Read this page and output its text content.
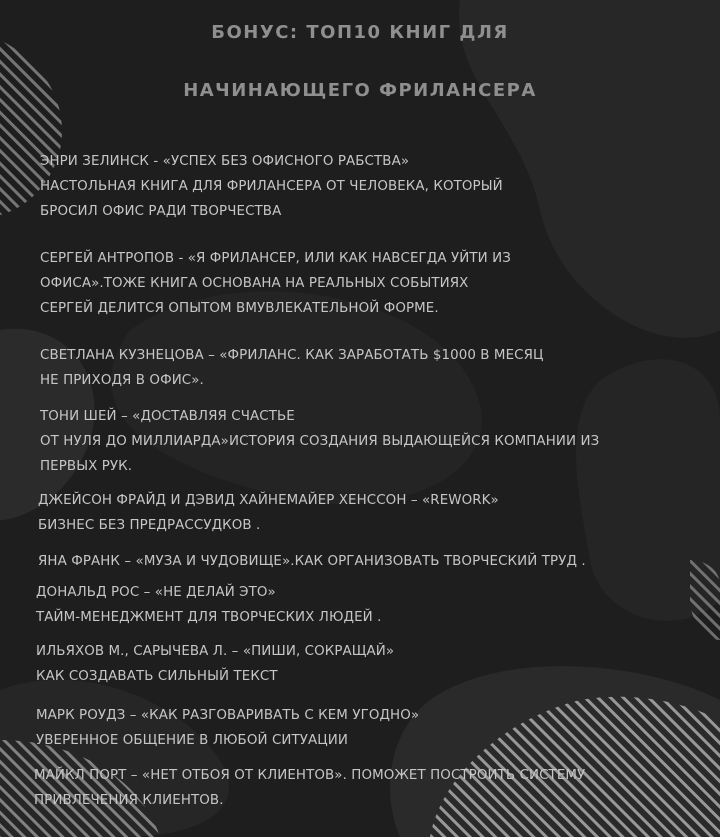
БОНУС: ТОП10 КНИГ ДЛЯ
НАЧИНАЮЩЕГО ФРИЛАНСЕРА
ЭНРИ ЗЕЛИНСК - «УСПЕХ БЕЗ ОФИСНОГО РАБСТВА»
НАСТОЛЬНАЯ КНИГА ДЛЯ ФРИЛАНСЕРА ОТ ЧЕЛОВЕКА, КОТОРЫЙ
БРОСИЛ ОФИС РАДИ ТВОРЧЕСТВА
СЕРГЕЙ АНТРОПОВ - «Я ФРИЛАНСЕР, ИЛИ КАК НАВСЕГДА УЙТИ ИЗ
ОФИСА».ТОЖЕ КНИГА ОСНОВАНА НА РЕАЛЬНЫХ СОБЫТИЯХ
СЕРГЕЙ ДЕЛИТСЯ ОПЫТОМ ВМУВЛЕКАТЕЛЬНОЙ ФОРМЕ.
СВЕТЛАНА КУЗНЕЦОВА – «ФРИЛАНС. КАК ЗАРАБОТАТЬ $1000 В МЕСЯЦ
НЕ ПРИХОДЯ В ОФИС».
ТОНИ ШЕЙ – «ДОСТАВЛЯЯ СЧАСТЬЕ
ОТ НУЛЯ ДО МИЛЛИАРДА»ИСТОРИЯ СОЗДАНИЯ ВЫДАЮЩЕЙСЯ КОМПАНИИ ИЗ
ПЕРВЫХ РУК.
ДЖЕЙСОН ФРАЙД И ДЭВИД ХАЙНЕМАЙЕР ХЕНССОН – «REWORK»
БИЗНЕС БЕЗ ПРЕДРАССУДКОВ .
ЯНА ФРАНК – «МУЗА И ЧУДОВИЩЕ».КАК ОРГАНИЗОВАТЬ ТВОРЧЕСКИЙ ТРУД .
ДОНАЛЬД РОС – «НЕ ДЕЛАЙ ЭТО»
ТАЙМ-МЕНЕДЖМЕНТ ДЛЯ ТВОРЧЕСКИХ ЛЮДЕЙ .
ИЛЬЯХОВ М., САРЫЧЕВА Л. – «ПИШИ, СОКРАЩАЙ»
КАК СОЗДАВАТЬ СИЛЬНЫЙ ТЕКСТ
МАРК РОУДЗ – «КАК РАЗГОВАРИВАТЬ С КЕМ УГОДНО»
УВЕРЕННОЕ ОБЩЕНИЕ В ЛЮБОЙ СИТУАЦИИ
МАЙКЛ ПОРТ – «НЕТ ОТБОЯ ОТ КЛИЕНТОВ». ПОМОЖЕТ ПОСТРОИТЬ СИСТЕМУ
ПРИВЛЕЧЕНИЯ КЛИЕНТОВ.
